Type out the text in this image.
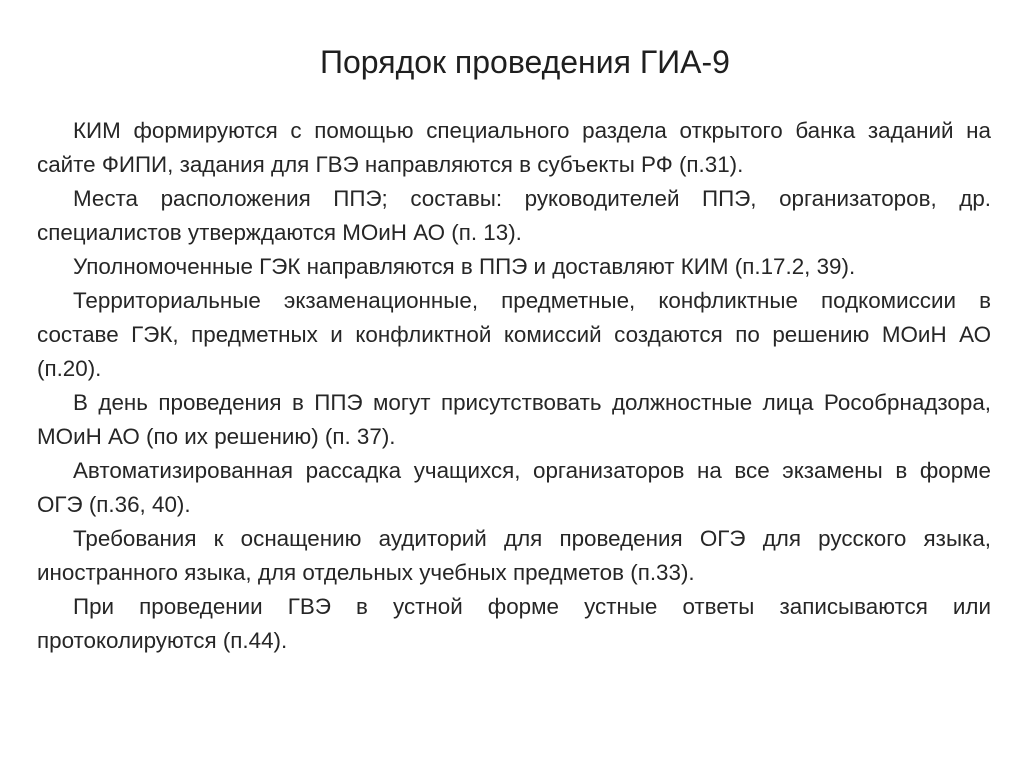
Порядок проведения ГИА-9

КИМ формируются с помощью специального раздела открытого банка заданий на сайте ФИПИ, задания для ГВЭ направляются в субъекты РФ (п.31).

Места расположения ППЭ; составы: руководителей ППЭ, организаторов, др. специалистов утверждаются МОиН АО (п. 13).

Уполномоченные ГЭК направляются в ППЭ и доставляют КИМ (п.17.2, 39).

Территориальные экзаменационные, предметные, конфликтные подкомиссии в составе ГЭК, предметных и конфликтной комиссий создаются по решению МОиН АО (п.20).

В день проведения в ППЭ могут присутствовать должностные лица Рособрнадзора, МОиН АО (по их решению) (п. 37).

Автоматизированная рассадка учащихся, организаторов на все экзамены в форме ОГЭ (п.36, 40).

Требования к оснащению аудиторий для проведения ОГЭ для русского языка, иностранного языка, для отдельных учебных предметов (п.33).

При проведении ГВЭ в устной форме устные ответы записываются или протоколируются (п.44).
